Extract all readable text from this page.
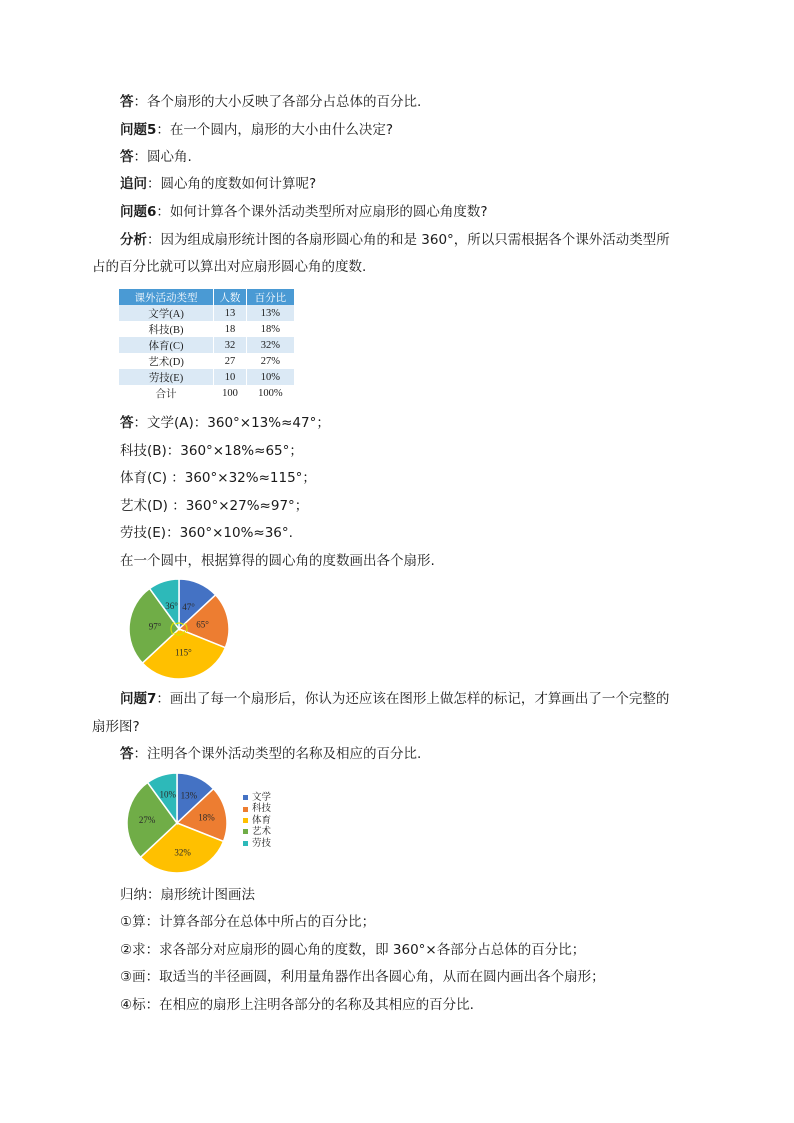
答：各个扇形的大小反映了各部分占总体的百分比.
问题5：在一个圆内，扇形的大小由什么决定?
答：圆心角.
追问：圆心角的度数如何计算呢?
问题6：如何计算各个课外活动类型所对应扇形的圆心角度数?
分析：因为组成扇形统计图的各扇形圆心角的和是 360°，所以只需根据各个课外活动类型所
占的百分比就可以算出对应扇形圆心角的度数.
课外活动类型	人数	百分比
文学(A)	13	13%
科技(B)	18	18%
体育(C)	32	32%
艺术(D)	27	27%
劳技(E)	10	10%
合计	100	100%
答：文学(A)：360°×13%≈47°；
科技(B)：360°×18%≈65°；
体育(C) ：360°×32%≈115°；
艺术(D) ：360°×27%≈97°；
劳技(E)：360°×10%≈36°.
在一个圆中，根据算得的圆心角的度数画出各个扇形.
47°
65°
115°
97°
36°
问题7：画出了每一个扇形后，你认为还应该在图形上做怎样的标记，才算画出了一个完整的
扇形图?
答：注明各个课外活动类型的名称及相应的百分比.
13%
18%
32%
27%
10%	文学
科技
体育
艺术
劳技
归纳：扇形统计图画法
①算：计算各部分在总体中所占的百分比；
②求：求各部分对应扇形的圆心角的度数，即 360°×各部分占总体的百分比；
③画：取适当的半径画圆，利用量角器作出各圆心角，从而在圆内画出各个扇形；
④标：在相应的扇形上注明各部分的名称及其相应的百分比.
